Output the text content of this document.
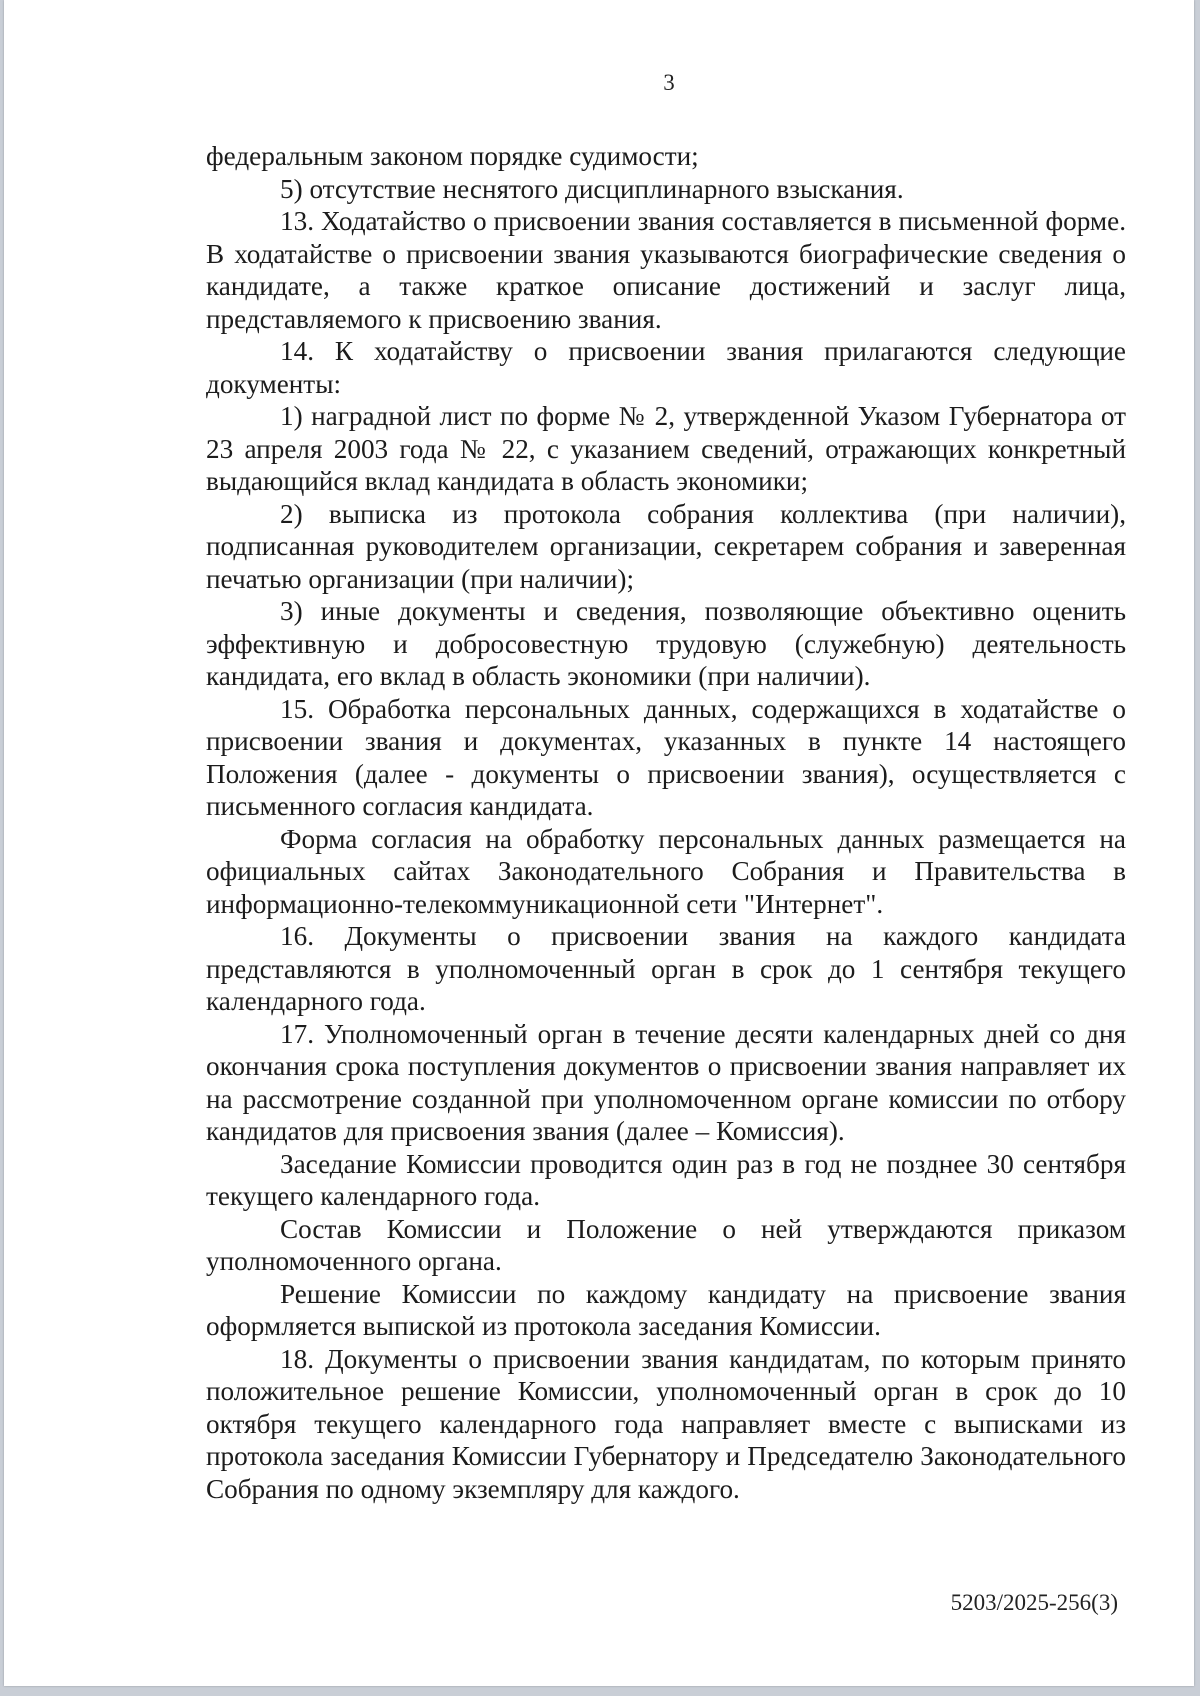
3

федеральным законом порядке судимости;

5) отсутствие неснятого дисциплинарного взыскания.

13. Ходатайство о присвоении звания составляется в письменной форме. В ходатайстве о присвоении звания указываются биографические сведения о кандидате, а также краткое описание достижений и заслуг лица, представляемого к присвоению звания.

14. К ходатайству о присвоении звания прилагаются следующие документы:

1) наградной лист по форме № 2, утвержденной Указом Губернатора от 23 апреля 2003 года № 22, с указанием сведений, отражающих конкретный выдающийся вклад кандидата в область экономики;

2) выписка из протокола собрания коллектива (при наличии), подписанная руководителем организации, секретарем собрания и заверенная печатью организации (при наличии);

3) иные документы и сведения, позволяющие объективно оценить эффективную и добросовестную трудовую (служебную) деятельность кандидата, его вклад в область экономики (при наличии).

15. Обработка персональных данных, содержащихся в ходатайстве о присвоении звания и документах, указанных в пункте 14 настоящего Положения (далее - документы о присвоении звания), осуществляется с письменного согласия кандидата.

Форма согласия на обработку персональных данных размещается на официальных сайтах Законодательного Собрания и Правительства в информационно-телекоммуникационной сети "Интернет".

16. Документы о присвоении звания на каждого кандидата представляются в уполномоченный орган в срок до 1 сентября текущего календарного года.

17. Уполномоченный орган в течение десяти календарных дней со дня окончания срока поступления документов о присвоении звания направляет их на рассмотрение созданной при уполномоченном органе комиссии по отбору кандидатов для присвоения звания (далее – Комиссия).

Заседание Комиссии проводится один раз в год не позднее 30 сентября текущего календарного года.

Состав Комиссии и Положение о ней утверждаются приказом уполномоченного органа.

Решение Комиссии по каждому кандидату на присвоение звания оформляется выпиской из протокола заседания Комиссии.

18. Документы о присвоении звания кандидатам, по которым принято положительное решение Комиссии, уполномоченный орган в срок до 10 октября текущего календарного года направляет вместе с выписками из протокола заседания Комиссии Губернатору и Председателю Законодательного Собрания по одному экземпляру для каждого.

5203/2025-256(3)
